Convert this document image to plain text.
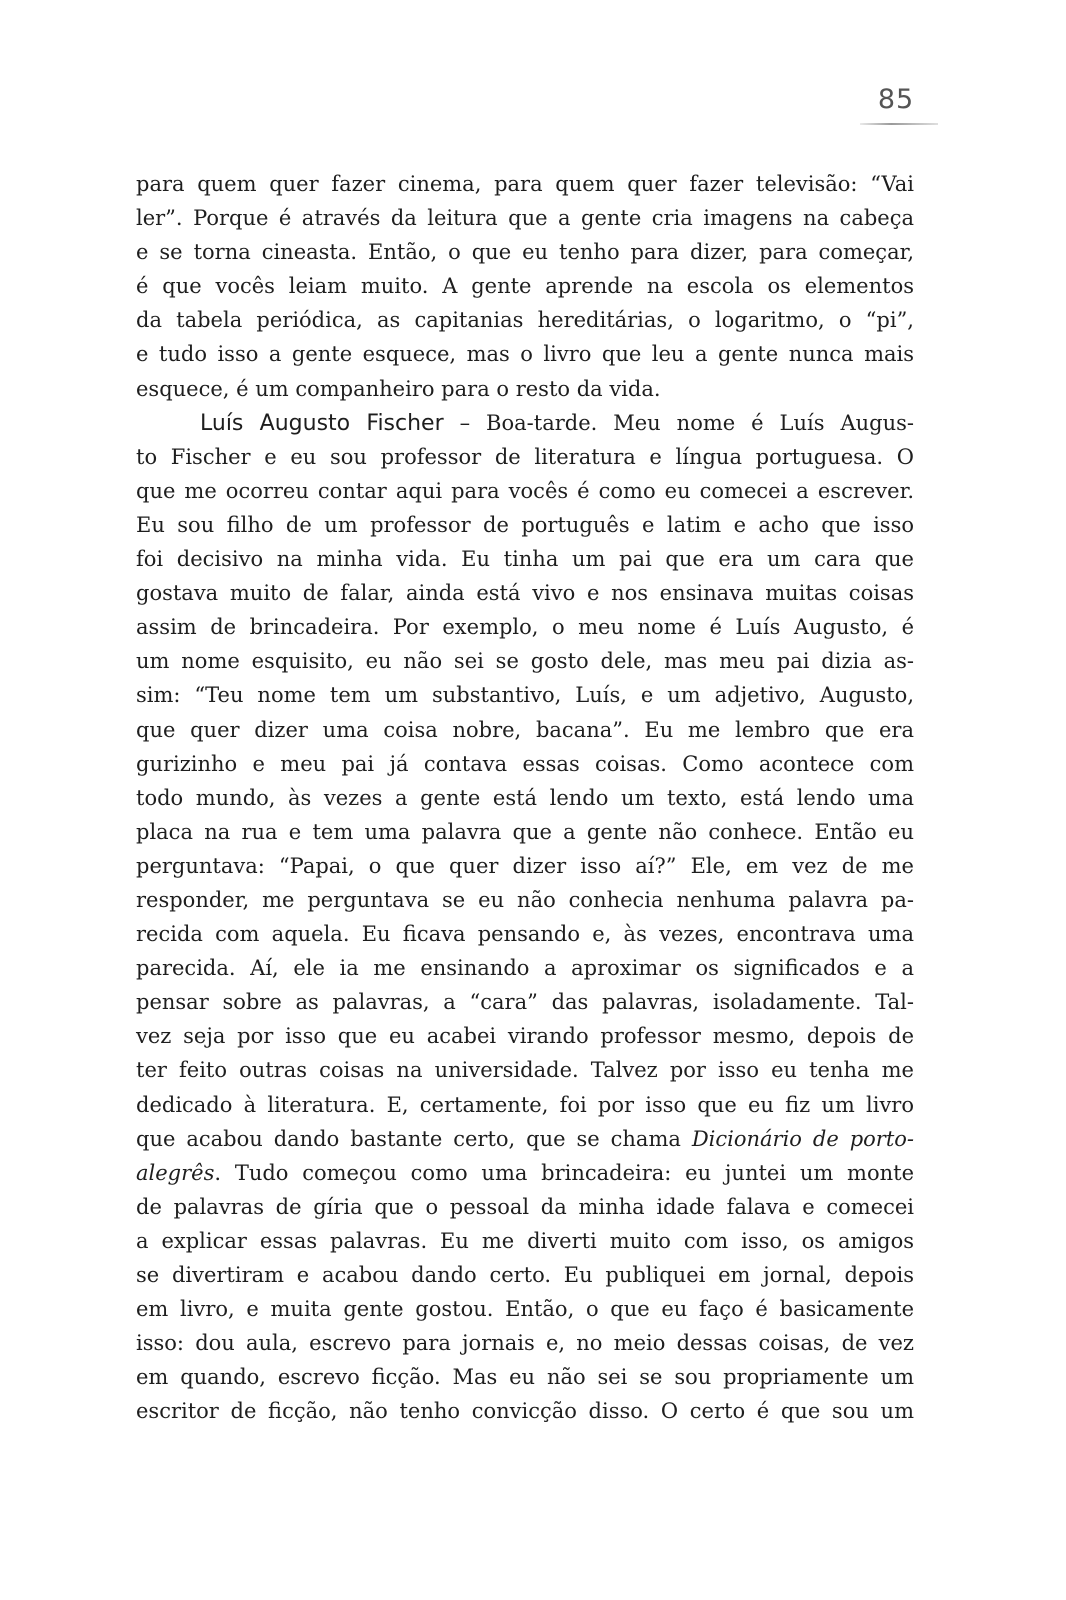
85
para quem quer fazer cinema, para quem quer fazer televisão: “Vai
ler”. Porque é através da leitura que a gente cria imagens na cabeça
e se torna cineasta. Então, o que eu tenho para dizer, para começar,
é que vocês leiam muito. A gente aprende na escola os elementos
da tabela periódica, as capitanias hereditárias, o logaritmo, o “pi”,
e tudo isso a gente esquece, mas o livro que leu a gente nunca mais
esquece, é um companheiro para o resto da vida.
Luís Augusto Fischer – Boa-tarde. Meu nome é Luís Augus-
to Fischer e eu sou professor de literatura e língua portuguesa. O
que me ocorreu contar aqui para vocês é como eu comecei a escrever.
Eu sou filho de um professor de português e latim e acho que isso
foi decisivo na minha vida. Eu tinha um pai que era um cara que
gostava muito de falar, ainda está vivo e nos ensinava muitas coisas
assim de brincadeira. Por exemplo, o meu nome é Luís Augusto, é
um nome esquisito, eu não sei se gosto dele, mas meu pai dizia as-
sim: “Teu nome tem um substantivo, Luís, e um adjetivo, Augusto,
que quer dizer uma coisa nobre, bacana”. Eu me lembro que era
gurizinho e meu pai já contava essas coisas. Como acontece com
todo mundo, às vezes a gente está lendo um texto, está lendo uma
placa na rua e tem uma palavra que a gente não conhece. Então eu
perguntava: “Papai, o que quer dizer isso aí?” Ele, em vez de me
responder, me perguntava se eu não conhecia nenhuma palavra pa-
recida com aquela. Eu ficava pensando e, às vezes, encontrava uma
parecida. Aí, ele ia me ensinando a aproximar os significados e a
pensar sobre as palavras, a “cara” das palavras, isoladamente. Tal-
vez seja por isso que eu acabei virando professor mesmo, depois de
ter feito outras coisas na universidade. Talvez por isso eu tenha me
dedicado à literatura. E, certamente, foi por isso que eu fiz um livro
que acabou dando bastante certo, que se chama Dicionário de porto-
alegrês. Tudo começou como uma brincadeira: eu juntei um monte
de palavras de gíria que o pessoal da minha idade falava e comecei
a explicar essas palavras. Eu me diverti muito com isso, os amigos
se divertiram e acabou dando certo. Eu publiquei em jornal, depois
em livro, e muita gente gostou. Então, o que eu faço é basicamente
isso: dou aula, escrevo para jornais e, no meio dessas coisas, de vez
em quando, escrevo ficção. Mas eu não sei se sou propriamente um
escritor de ficção, não tenho convicção disso. O certo é que sou um
